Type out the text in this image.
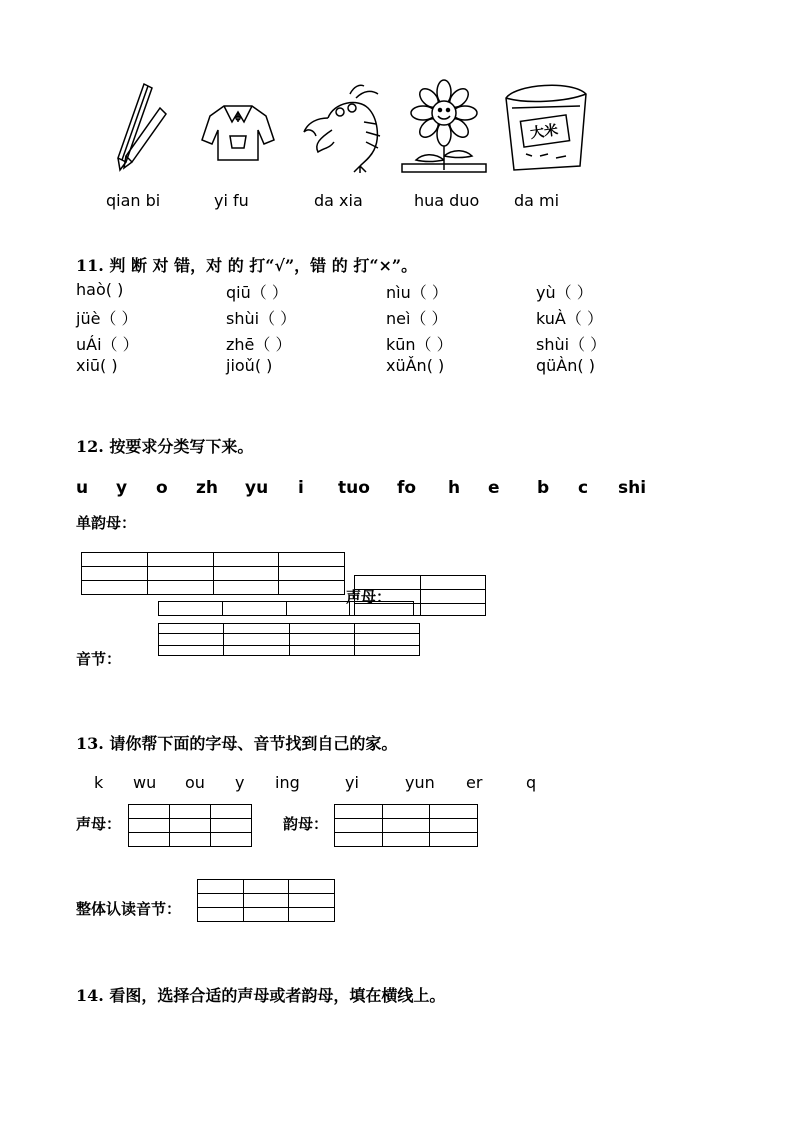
大米
qian bi	yi fu	da xia	hua duo da mi
11. 判 断 对 错，对 的 打“√”，错 的 打“×”。
haò( )	qiū（ ）	nìu（ ）	yù（ ）
jüè（ ）	shùi（ ）	neì（ ）	kuÀ（ ）
uÁi（ ）	zhē（ ）	kūn（ ）	shùi（ ）
xiū( )	jioǔ( )	xüǍn( )	qüÀn( )
12. 按要求分类写下来。
u y o zh yu i tuo fo h e b c shi
单韵母：

声母：

音节：
13. 请你帮下面的字母、音节找到自己的家。
k wu ou y ing	yi	yun er	q
声母：

			韵母：

整体认读音节：

14. 看图，选择合适的声母或者韵母，填在横线上。
